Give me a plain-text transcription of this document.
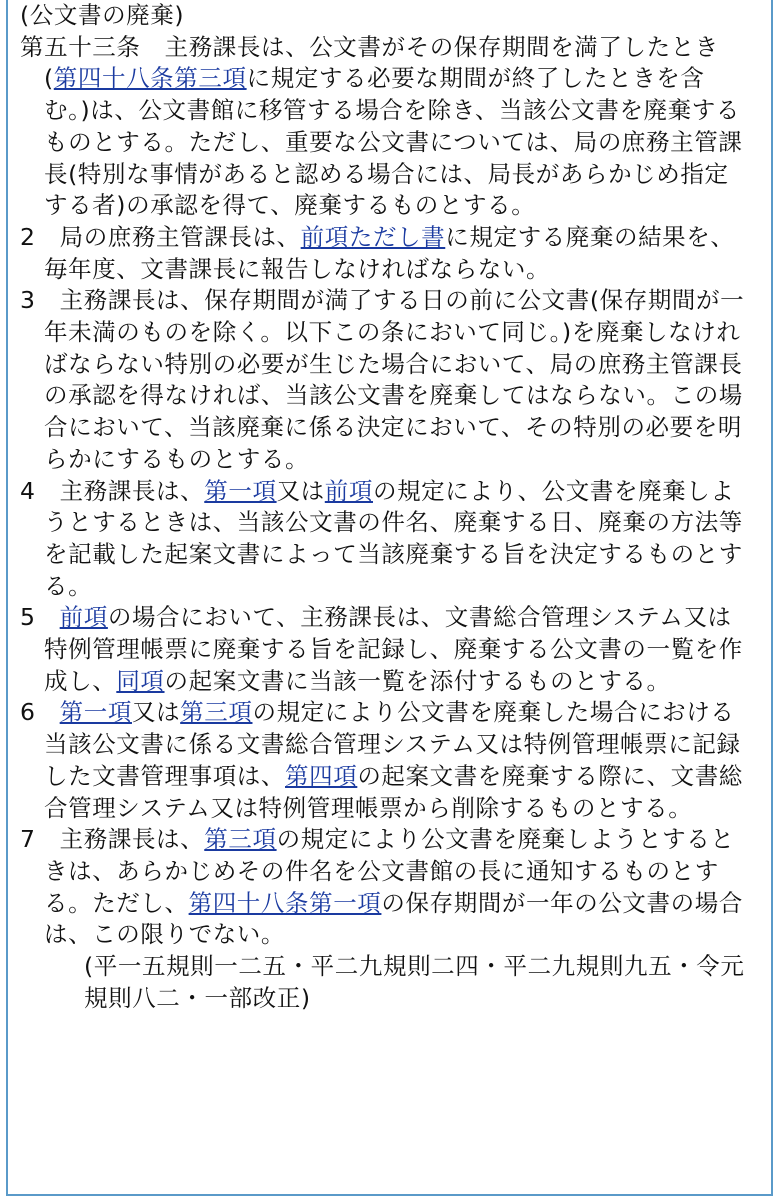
(公文書の廃棄)

第五十三条　主務課長は、公文書がその保存期間を満了したとき(第四十八条第三項に規定する必要な期間が終了したときを含む。)は、公文書館に移管する場合を除き、当該公文書を廃棄するものとする。ただし、重要な公文書については、局の庶務主管課長(特別な事情があると認める場合には、局長があらかじめ指定する者)の承認を得て、廃棄するものとする。

2　局の庶務主管課長は、前項ただし書に規定する廃棄の結果を、毎年度、文書課長に報告しなければならない。

3　主務課長は、保存期間が満了する日の前に公文書(保存期間が一年未満のものを除く。以下この条において同じ。)を廃棄しなければならない特別の必要が生じた場合において、局の庶務主管課長の承認を得なければ、当該公文書を廃棄してはならない。この場合において、当該廃棄に係る決定において、その特別の必要を明らかにするものとする。

4　主務課長は、第一項又は前項の規定により、公文書を廃棄しようとするときは、当該公文書の件名、廃棄する日、廃棄の方法等を記載した起案文書によって当該廃棄する旨を決定するものとする。

5　前項の場合において、主務課長は、文書総合管理システム又は特例管理帳票に廃棄する旨を記録し、廃棄する公文書の一覧を作成し、同項の起案文書に当該一覧を添付するものとする。

6　第一項又は第三項の規定により公文書を廃棄した場合における当該公文書に係る文書総合管理システム又は特例管理帳票に記録した文書管理事項は、第四項の起案文書を廃棄する際に、文書総合管理システム又は特例管理帳票から削除するものとする。

7　主務課長は、第三項の規定により公文書を廃棄しようとするときは、あらかじめその件名を公文書館の長に通知するものとする。ただし、第四十八条第一項の保存期間が一年の公文書の場合は、この限りでない。

(平一五規則一二五・平二九規則二四・平二九規則九五・令元規則八二・一部改正)
